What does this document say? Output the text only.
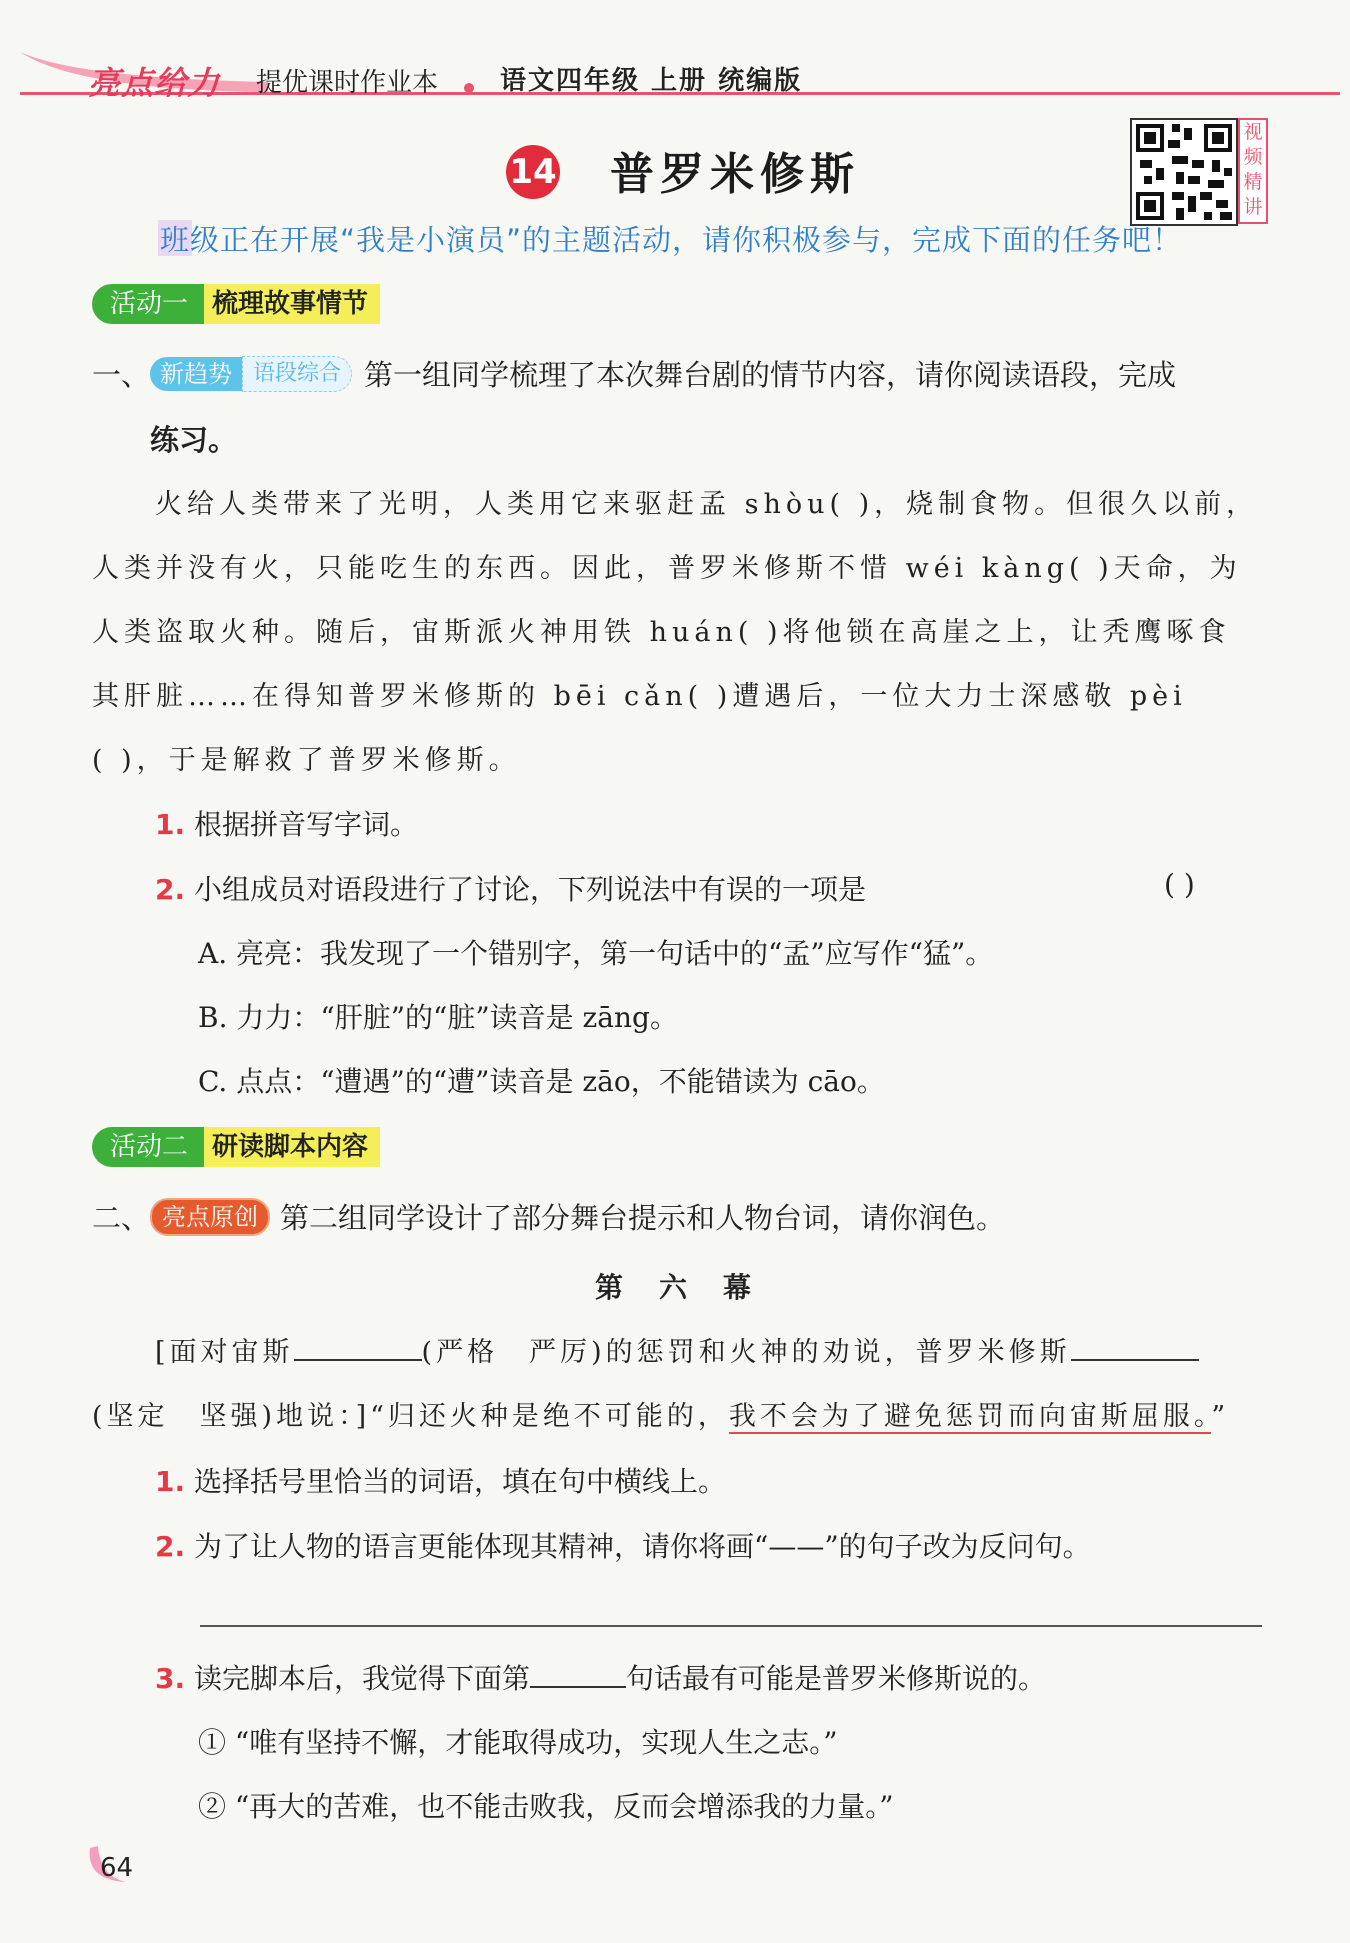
亮点给力 提优课时作业本 语文四年级 上册 统编版
14 普罗米修斯
视频精讲
班级正在开展“我是小演员”的主题活动，请你积极参与，完成下面的任务吧！
活动一 梳理故事情节
一、 新趋势 语段综合 第一组同学梳理了本次舞台剧的情节内容，请你阅读语段，完成
练习。
火给人类带来了光明，人类用它来驱赶孟 shòu( )，烧制食物。但很久以前，
人类并没有火，只能吃生的东西。因此，普罗米修斯不惜 wéi kàng( )天命，为
人类盗取火种。随后，宙斯派火神用铁 huán( )将他锁在高崖之上，让秃鹰啄食
其肝脏……在得知普罗米修斯的 bēi cǎn( )遭遇后，一位大力士深感敬 pèi
( )，于是解救了普罗米修斯。
1. 根据拼音写字词。
2. 小组成员对语段进行了讨论，下列说法中有误的一项是	( )
A. 亮亮：我发现了一个错别字，第一句话中的“孟”应写作“猛”。
B. 力力：“肝脏”的“脏”读音是 zāng。
C. 点点：“遭遇”的“遭”读音是 zāo，不能错读为 cāo。
活动二 研读脚本内容
二、 亮点原创 第二组同学设计了部分舞台提示和人物台词，请你润色。
第　六　幕
[面对宙斯	(严格　严厉)的惩罚和火神的劝说，普罗米修斯
(坚定　坚强)地说：]“归还火种是绝不可能的，我不会为了避免惩罚而向宙斯屈服。”
1. 选择括号里恰当的词语，填在句中横线上。
2. 为了让人物的语言更能体现其精神，请你将画“——”的句子改为反问句。
3. 读完脚本后，我觉得下面第	句话最有可能是普罗米修斯说的。
① “唯有坚持不懈，才能取得成功，实现人生之志。”
② “再大的苦难，也不能击败我，反而会增添我的力量。”
64
